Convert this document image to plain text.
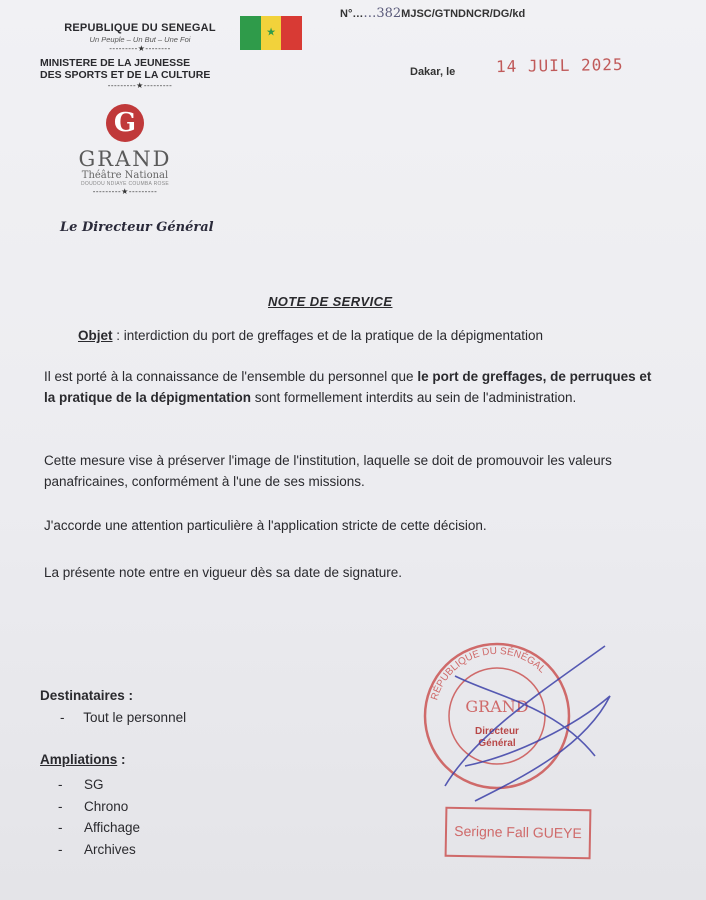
REPUBLIQUE DU SENEGAL
Un Peuple – Un But – Une Foi
---------★--------
MINISTERE DE LA JEUNESSE
DES SPORTS ET DE LA CULTURE
---------★---------
★
N°……382MJSC/GTNDNCR/DG/kd
Dakar, le	14 JUIL 2025
G
GRAND
Théâtre National
DOUDOU NDIAYE COUMBA ROSE
---------★---------
Le Directeur Général
NOTE DE SERVICE
Objet : interdiction du port de greffages et de la pratique de la dépigmentation
Il est porté à la connaissance de l'ensemble du personnel que le port de greffages, de perruques et la pratique de la dépigmentation sont formellement interdits au sein de l'administration.
Cette mesure vise à préserver l'image de l'institution, laquelle se doit de promouvoir les valeurs panafricaines, conformément à l'une de ses missions.
J'accorde une attention particulière à l'application stricte de cette décision.
La présente note entre en vigueur dès sa date de signature.
Destinataires :
- Tout le personnel
Ampliations :
- SG
- Chrono
- Affichage
- Archives
RÉPUBLIQUE DU SÉNÉGAL
GRAND
Directeur
Général
Serigne Fall GUEYE
